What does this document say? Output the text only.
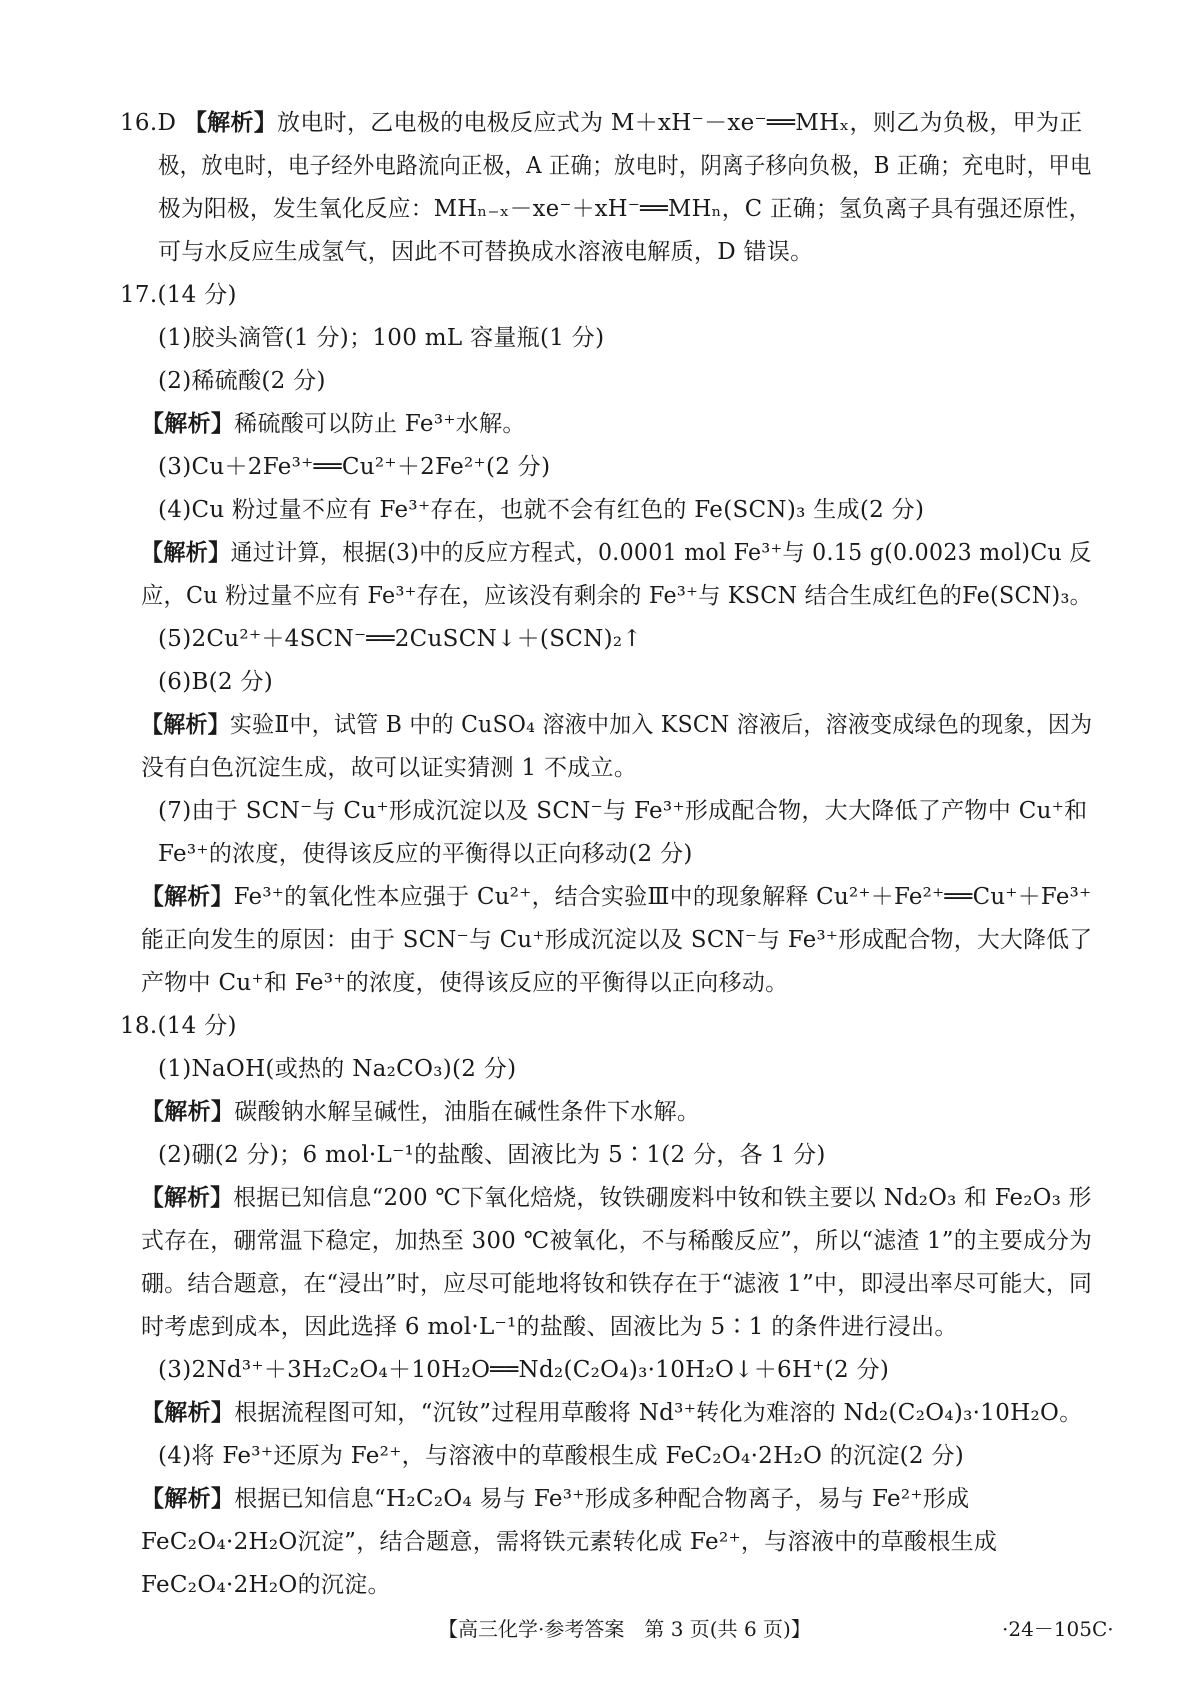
16.D 【解析】放电时，乙电极的电极反应式为 M＋xH⁻－xe⁻══MHₓ，则乙为负极，甲为正
极，放电时，电子经外电路流向正极，A 正确；放电时，阴离子移向负极，B 正确；充电时，甲电
极为阳极，发生氧化反应：MHₙ₋ₓ－xe⁻＋xH⁻══MHₙ，C 正确；氢负离子具有强还原性，
可与水反应生成氢气，因此不可替换成水溶液电解质，D 错误。
17.(14 分)
(1)胶头滴管(1 分)；100 mL 容量瓶(1 分)
(2)稀硫酸(2 分)
【解析】稀硫酸可以防止 Fe³⁺水解。
(3)Cu＋2Fe³⁺══Cu²⁺＋2Fe²⁺(2 分)
(4)Cu 粉过量不应有 Fe³⁺存在，也就不会有红色的 Fe(SCN)₃ 生成(2 分)
【解析】通过计算，根据(3)中的反应方程式，0.0001 mol Fe³⁺与 0.15 g(0.0023 mol)Cu 反
应，Cu 粉过量不应有 Fe³⁺存在，应该没有剩余的 Fe³⁺与 KSCN 结合生成红色的Fe(SCN)₃。
(5)2Cu²⁺＋4SCN⁻══2CuSCN↓＋(SCN)₂↑
(6)B(2 分)
【解析】实验Ⅱ中，试管 B 中的 CuSO₄ 溶液中加入 KSCN 溶液后，溶液变成绿色的现象，因为
没有白色沉淀生成，故可以证实猜测 1 不成立。
(7)由于 SCN⁻与 Cu⁺形成沉淀以及 SCN⁻与 Fe³⁺形成配合物，大大降低了产物中 Cu⁺和
Fe³⁺的浓度，使得该反应的平衡得以正向移动(2 分)
【解析】Fe³⁺的氧化性本应强于 Cu²⁺，结合实验Ⅲ中的现象解释 Cu²⁺＋Fe²⁺══Cu⁺＋Fe³⁺
能正向发生的原因：由于 SCN⁻与 Cu⁺形成沉淀以及 SCN⁻与 Fe³⁺形成配合物，大大降低了
产物中 Cu⁺和 Fe³⁺的浓度，使得该反应的平衡得以正向移动。
18.(14 分)
(1)NaOH(或热的 Na₂CO₃)(2 分)
【解析】碳酸钠水解呈碱性，油脂在碱性条件下水解。
(2)硼(2 分)；6 mol·L⁻¹的盐酸、固液比为 5∶1(2 分，各 1 分)
【解析】根据已知信息“200 ℃下氧化焙烧，钕铁硼废料中钕和铁主要以 Nd₂O₃ 和 Fe₂O₃ 形
式存在，硼常温下稳定，加热至 300 ℃被氧化，不与稀酸反应”，所以“滤渣 1”的主要成分为
硼。结合题意，在“浸出”时，应尽可能地将钕和铁存在于“滤液 1”中，即浸出率尽可能大，同
时考虑到成本，因此选择 6 mol·L⁻¹的盐酸、固液比为 5∶1 的条件进行浸出。
(3)2Nd³⁺＋3H₂C₂O₄＋10H₂O══Nd₂(C₂O₄)₃·10H₂O↓＋6H⁺(2 分)
【解析】根据流程图可知，“沉钕”过程用草酸将 Nd³⁺转化为难溶的 Nd₂(C₂O₄)₃·10H₂O。
(4)将 Fe³⁺还原为 Fe²⁺，与溶液中的草酸根生成 FeC₂O₄·2H₂O 的沉淀(2 分)
【解析】根据已知信息“H₂C₂O₄ 易与 Fe³⁺形成多种配合物离子，易与 Fe²⁺形成
FeC₂O₄·2H₂O沉淀”，结合题意，需将铁元素转化成 Fe²⁺，与溶液中的草酸根生成
FeC₂O₄·2H₂O的沉淀。
【高三化学·参考答案　第 3 页(共 6 页)】	·24－105C·
